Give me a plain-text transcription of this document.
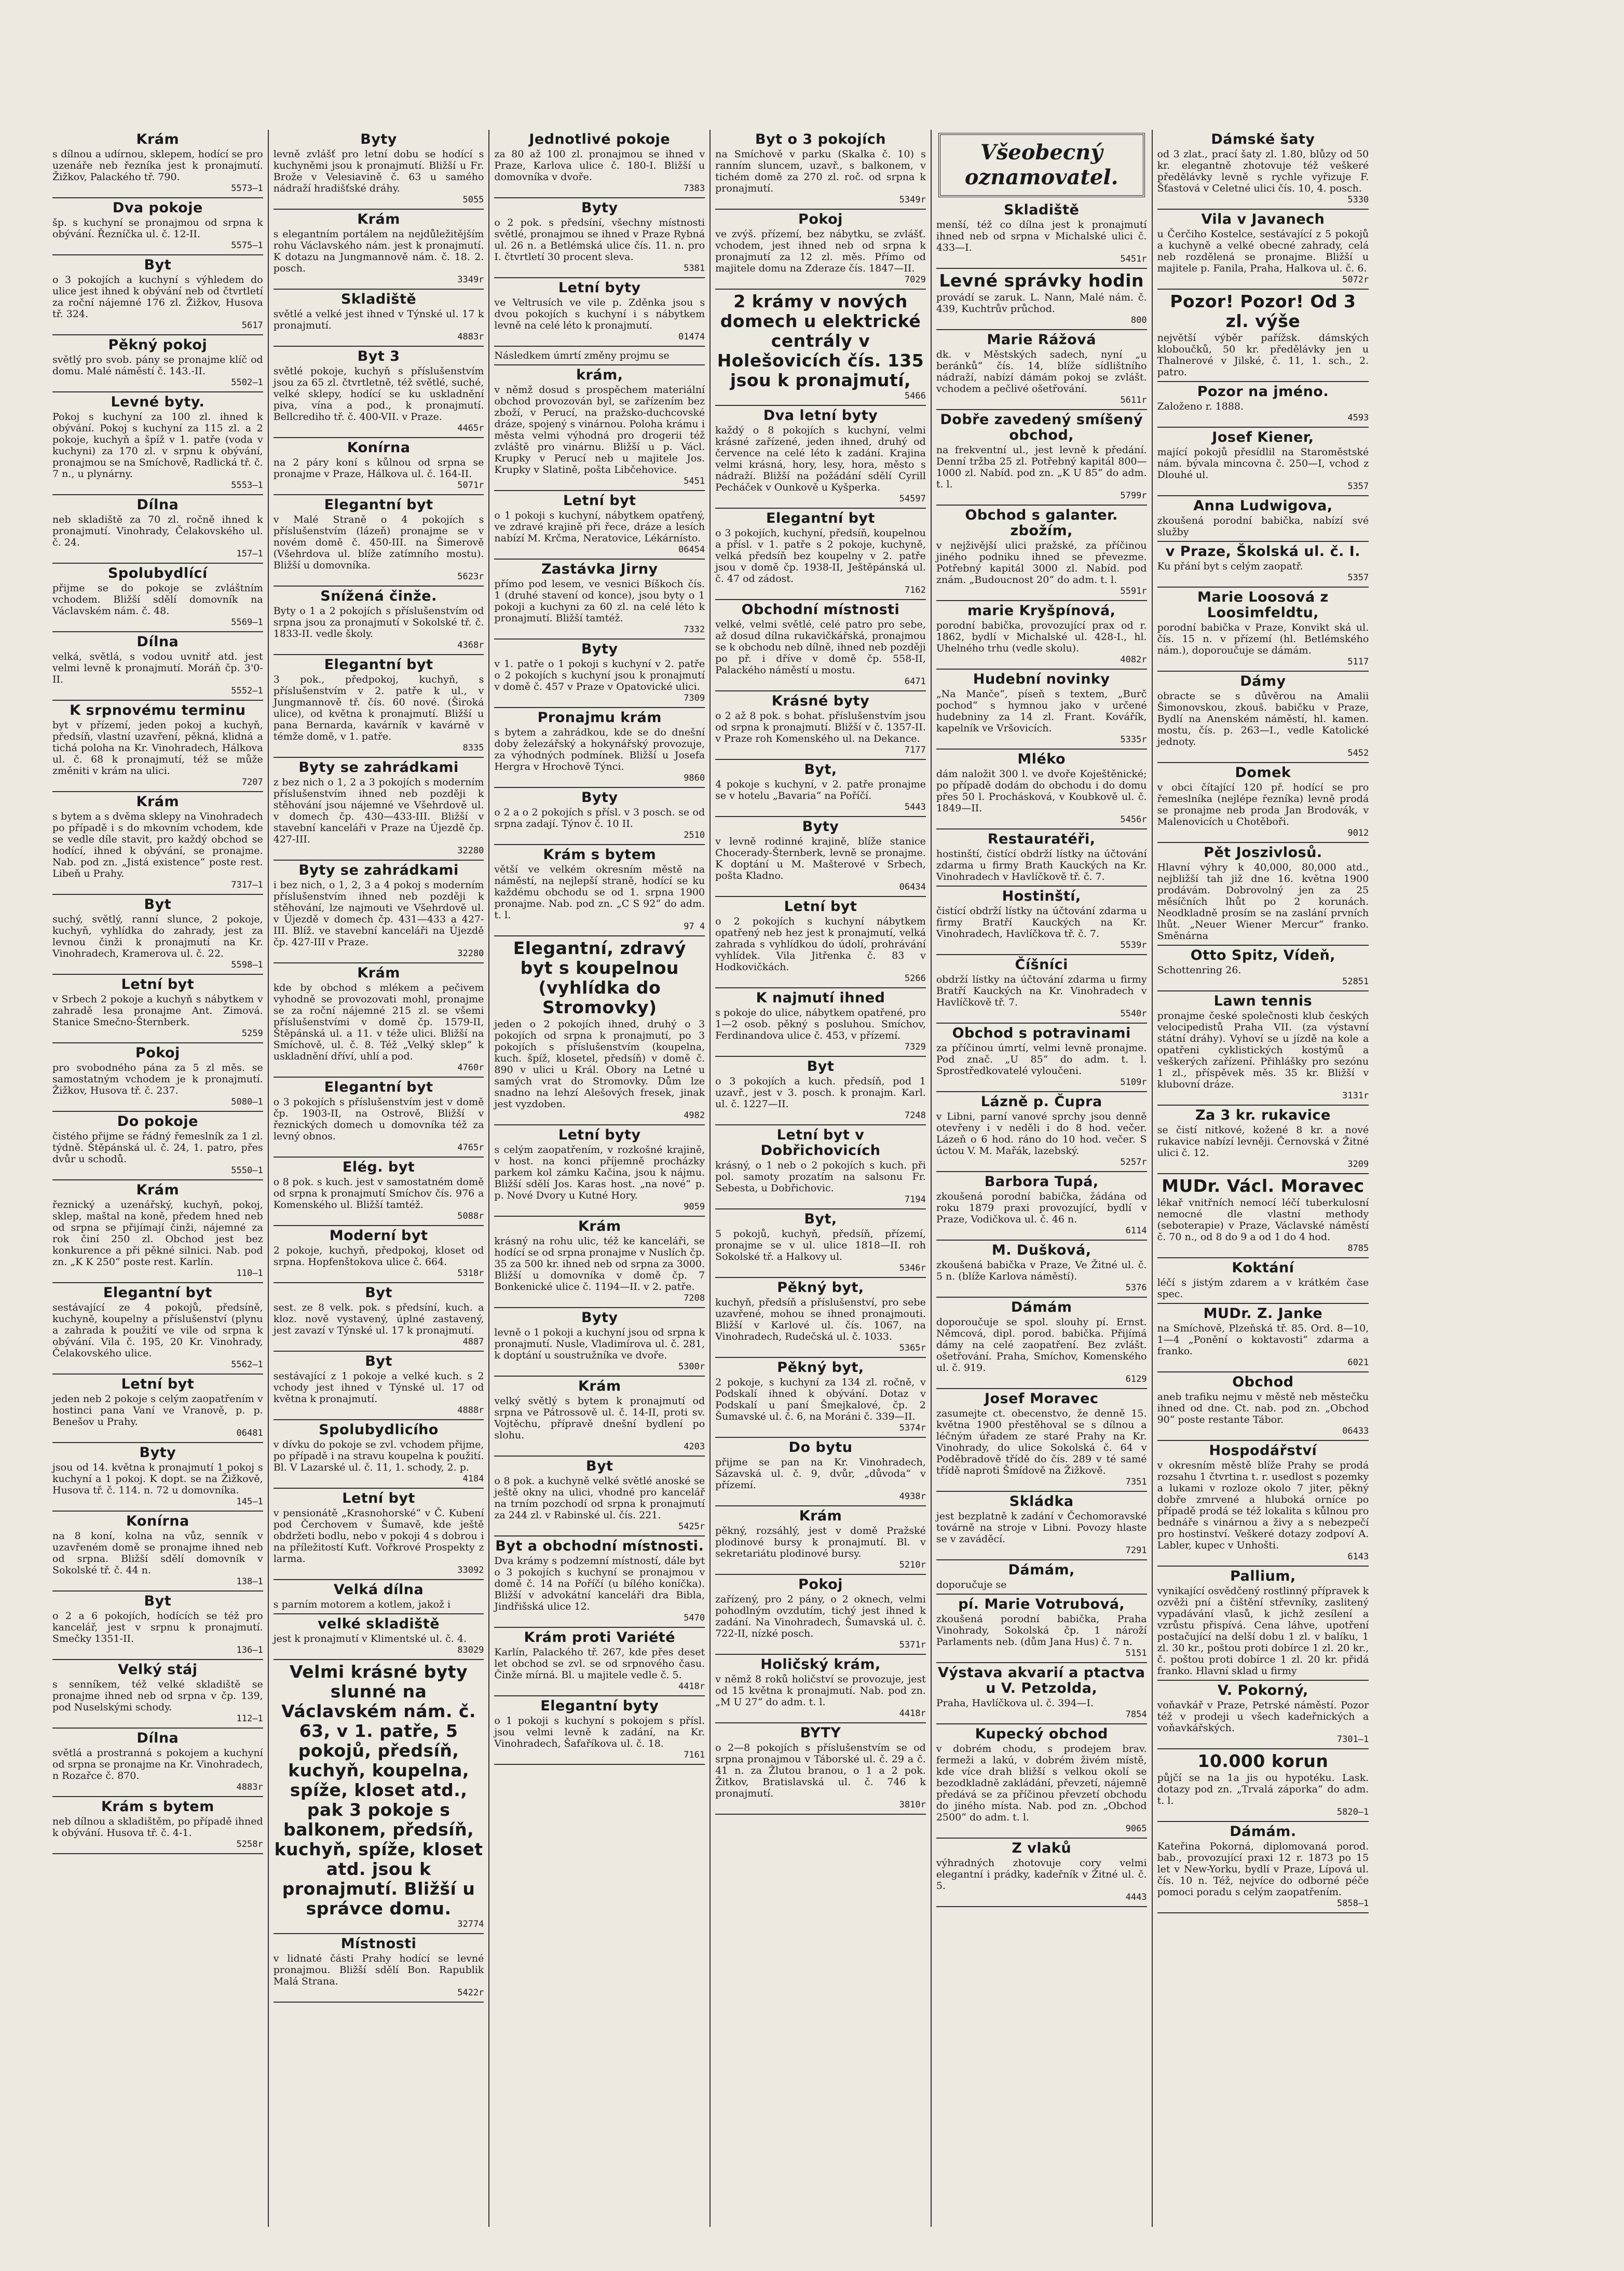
Krám

s dílnou a udírnou, sklepem, hodící se pro uzenáře neb řezníka jest k pronajmutí. Žižkov, Palackého tř. 790.

5573—1
Dva pokoje

šp. s kuchyní se pronajmou od srpna k obývání. Řezníčka ul. č. 12-II.

5575—1
Byt

o 3 pokojích a kuchyní s výhledem do ulice jest ihned k obývání neb od čtvrtletí za roční nájemné 176 zl. Žižkov, Husova tř. 324.

5617
Pěkný pokoj

světlý pro svob. pány se pronajme klíč od domu. Malé náměstí č. 143.-II.

5502—1
Levné byty.

Pokoj s kuchyní za 100 zl. ihned k obývání. Pokoj s kuchyní za 115 zl. a 2 pokoje, kuchyň a špíž v 1. patře (voda v kuchyni) za 170 zl. v srpnu k obývání, pronajmou se na Smíchově, Radlická tř. č. 7 n., u plynárny.

5553—1
Dílna

neb skladiště za 70 zl. ročně ihned k pronajmutí. Vinohrady, Čelakovského ul. č. 24.

157—1
Spolubydlící

přijme se do pokoje se zvláštním vchodem. Bližší sdělí domovník na Václavském nám. č. 48.

5569—1
Dílna

velká, světlá, s vodou uvnitř atd. jest velmi levně k pronajmutí. Moráň čp. 3'0-II.

5552—1
K srpnovému terminu

byt v přízemí, jeden pokoj a kuchyň, předsíň, vlastní uzavření, pěkná, klidná a tichá poloha na Kr. Vinohradech, Hálkova ul. č. 68 k pronajmutí, též se může změniti v krám na ulici.

7207
Krám

s bytem a s dvěma sklepy na Vinohradech po případě i s do mkovním vchodem, kde se vedle díle stavit, pro každý obchod se hodící, ihned k obývání, se pronajme. Nab. pod zn. „Jistá existence“ poste rest. Libeň u Prahy.

7317—1
Byt

suchý, světlý, ranní slunce, 2 pokoje, kuchyň, vyhlídka do zahrady, jest za levnou činži k pronajmutí na Kr. Vinohradech, Kramerova ul. č. 22.

5598—1
Letní byt

v Srbech 2 pokoje a kuchyň s nábytkem v zahradě lesa pronajme Ant. Zimová. Stanice Smečno-Šternberk.

5259
Pokoj

pro svobodného pána za 5 zl měs. se samostatným vchodem je k pronajmutí. Žižkov, Husova tř. č. 237.

5080—1
Do pokoje

čistého přijme se řádný řemeslník za 1 zl. týdně. Štěpánská ul. č. 24, 1. patro, přes dvůr u schodů.

5550—1
Krám

řeznický a uzenářský, kuchyň, pokoj, sklep, maštal na koně, předem hned neb od srpna se přijímají činži, nájemné za rok činí 250 zl. Obchod jest bez konkurence a při pěkné silnici. Nab. pod zn. „K K 250“ poste rest. Karlín.

110—1
Elegantní byt

sestávající ze 4 pokojů, předsíně, kuchyně, koupelny a příslušenství (plynu a zahrada k použití ve vile od srpna k obývání. Vila č. 195, 20 Kr. Vinohrady, Čelakovského ulice.

5562—1
Letní byt

jeden neb 2 pokoje s celým zaopatřením v hostinci pana Vaní ve Vranově, p. p. Benešov u Prahy.

06481
Byty

jsou od 14. května k pronajmutí 1 pokoj s kuchyní a 1 pokoj. K dopt. se na Žižkově, Husova tř. č. 114. n. 72 u domovníka.

145—1
Konírna

na 8 koní, kolna na vůz, senník v uzavřeném domě se pronajme ihned neb od srpna. Bližší sdělí domovník v Sokolské tř. č. 44 n.

138—1
Byt

o 2 a 6 pokojích, hodících se též pro kancelář, jest v srpnu k pronajmutí. Smečky 1351-II.

136—1
Velký stáj

s senníkem, též velké skladiště se pronajme ihned neb od srpna v čp. 139, pod Nuselskými schody.

112—1
Dílna

světlá a prostranná s pokojem a kuchyní od srpna se pronajme na Kr. Vinohradech, n Rozařce č. 870.

4883r
Krám s bytem

neb dílnou a skladištěm, po případě ihned k obývání. Husova tř. č. 4-1.

5258r
Byty

levně zvlášť pro letní dobu se hodící s kuchyněmi jsou k pronajmutí. Bližší u Fr. Brože v Velesiavině č. 63 u samého nádraží hradišťské dráhy.

5055
Krám

s elegantním portálem na nejdůležitějším rohu Václavského nám. jest k pronajmutí. K dotazu na Jungmannově nám. č. 18. 2. posch.

3349r
Skladiště

světlé a velké jest ihned v Týnské ul. 17 k pronajmutí.

4883r
Byt 3

světlé pokoje, kuchyň s příslušenstvím jsou za 65 zl. čtvrtletně, též světlé, suché, velké sklepy, hodící se ku uskladnění piva, vína a pod., k pronajmutí. Bellcrediho tř. č. 400-VII. v Praze.

4465r
Konírna

na 2 páry koní s kůlnou od srpna se pronajme v Praze, Hálkova ul. č. 164-II.

5071r
Elegantní byt

v Malé Straně o 4 pokojích s příslušenstvím (lázeň) pronajme se v novém domě č. 450-III. na Šimerově (Všehrdova ul. blíže zatímního mostu). Bližší u domovníka.

5623r
Snížená činže.

Byty o 1 a 2 pokojích s příslušenstvím od srpna jsou za pronajmutí v Sokolské tř. č. 1833-II. vedle školy.

4368r
Elegantní byt

3 pok., předpokoj, kuchyň, s příslušenstvím v 2. patře k ul., v Jungmannově tř. čís. 60 nové. (Široká ulice), od května k pronajmutí. Bližší u pana Bernarda, kavárník v kavárně v témže domě, v 1. patře.

8335
Byty se zahrádkami

z bez nich o 1, 2 a 3 pokojích s moderním příslušenstvím ihned neb později k stěhování jsou nájemné ve Všehrdově ul. v domech čp. 430—433-III. Bližší v stavební kanceláři v Praze na Újezdě čp. 427-III.

32280
Byty se zahrádkami

i bez nich, o 1, 2, 3 a 4 pokoj s moderním příslušenstvím ihned neb později k stěhování, lze najmouti ve Všehrdově ul. v Újezdě v domech čp. 431—433 a 427-III. Blíž. ve stavební kanceláři na Újezdě čp. 427-III v Praze.

32280
Krám

kde by obchod s mlékem a pečivem vyhodně se provozovati mohl, pronajme se za roční nájemné 215 zl. se všemi příslušenstvími v domě čp. 1579-II, Štěpánská ul. a 11. v téže ulici. Bližší na Smíchově, ul. č. 8. Též „Velký sklep“ k uskladnění dříví, uhlí a pod.

4760r
Elegantní byt

o 3 pokojích s příslušenstvím jest v domě čp. 1903-II, na Ostrově, Bližší v řeznických domech u domovníka též za levný obnos.

4765r
Elég. byt

o 8 pok. s kuch. jest v samostatném domě od srpna k pronajmutí Smíchov čís. 976 a Komenského ul. Bližší tamtéž.

5088r
Moderní byt

2 pokoje, kuchyň, předpokoj, kloset od srpna. Hopfenštokova ulice č. 664.

5318r
Byt

sest. ze 8 velk. pok. s předsíní, kuch. a kloz. nově vystavený, úplné zastavený, jest zavazí v Týnské ul. 17 k pronajmutí.

4887
Byt

sestávající z 1 pokoje a velké kuch. s 2 vchody jest ihned v Týnské ul. 17 od května k pronajmutí.

4888r
Spolubydlicího

v dívku do pokoje se zvl. vchodem přijme, po případě i na stravu koupelna k použití. Bl. V Lazarské ul. č. 11, 1. schody, 2. p.

4184
Letní byt

v pensionátě „Krasnohorské“ v Č. Kubení pod Čerchovem v Šumavě, kde ještě obdržeti bodlu, nebo v pokoji 4 s dobrou i na příležitostí Kuťt. Vořkrové Prospekty z larma.

33092
Velká dílna

s parním motorem a kotlem, jakož i

velké skladiště

jest k pronajmutí v Klimentské ul. č. 4.

83029
Velmi krásné byty slunné na Václavském nám. č. 63, v 1. patře, 5 pokojů, předsíň, kuchyň, koupelna, spíže, kloset atd., pak 3 pokoje s balkonem, předsíň, kuchyň, spíže, kloset atd. jsou k pronajmutí. Bližší u správce domu.
32774
Místnosti

v lidnaté části Prahy hodící se levné pronajmou. Bližší sdělí Bon. Rapublik Malá Strana.

5422r
Jednotlivé pokoje

za 80 až 100 zl. pronajmou se ihned v Praze, Karlova ulice č. 180-I. Bližší u domovníka v dvoře.

7383
Byty

o 2 pok. s předsíní, všechny místnosti světlé, pronajmou se ihned v Praze Rybná ul. 26 n. a Betlémská ulice čís. 11. n. pro I. čtvrtletí 30 procent sleva.

5381
Letní byty

ve Veltrusích ve vile p. Zděnka jsou s dvou pokojích s kuchyní i s nábytkem levně na celé léto k pronajmutí.

01474

Následkem úmrtí změny projmu se

krám,

v němž dosud s prospěchem materiální obchod provozován byl, se zařízením bez zboží, v Perucí, na pražsko-duchcovské dráze, spojený s vinárnou. Poloha krámu i města velmi výhodná pro drogerii též zvláště pro vinárnu. Bližší u p. Václ. Krupky v Perucí neb u majitele Jos. Krupky v Slatině, pošta Libčehovice.

5451
Letní byt

o 1 pokoji s kuchyní, nábytkem opatřený, ve zdravé krajině při řece, dráze a lesích nabízí M. Krčma, Neratovice, Lékárnísto.

06454
Zastávka Jirny

přímo pod lesem, ve vesnici Bíškoch čís. 1 (druhé stavení od konce), jsou byty o 1 pokoji a kuchyni za 60 zl. na celé léto k pronajmutí. Bližší tamtéž.

7332
Byty

v 1. patře o 1 pokoji s kuchyní v 2. patře o 2 pokojích s kuchyní jsou k pronajmutí v domě č. 457 v Praze v Opatovické ulici.

7309
Pronajmu krám

s bytem a zahrádkou, kde se do dnešní doby železářský a hokynářský provozuje, za výhodných podmínek. Bližší u Josefa Hergra v Hrochově Týnci.

9860
Byty

o 2 a o 2 pokojích s přísl. v 3 posch. se od srpna zadají. Týnov č. 10 II.

2510
Krám s bytem

větší ve velkém okresním městě na náměstí, na nejlepší straně, hodící se ku každému obchodu se od 1. srpna 1900 pronajme. Nab. pod zn. „C S 92“ do adm. t. l.

97 4
Elegantní, zdravý byt s koupelnou (vyhlídka do Stromovky)

jeden o 2 pokojích ihned, druhý o 3 pokojích od srpna k pronajmutí, po 3 pokojích s příslušenstvím (koupelna, kuch. špíž, klosetel, předsíň) v domě č. 890 v ulici u Král. Obory na Letné u samých vrat do Stromovky. Dům lze snadno na lehzí Alešových fresek, jinak jest vyzdoben.

4982
Letní byty

s celým zaopatřením, v rozkošné krajině, v host. na konci příjemně procházky parkem kol zámku Kačina, jsou k nájmu. Bližší sdělí Jos. Karas host. „na nové“ p. p. Nové Dvory u Kutné Hory.

9059
Krám

krásný na rohu ulic, též ke kanceláři, se hodící se od srpna pronajme v Nuslích čp. 35 za 500 kr. ihned neb od srpna za 3000. Bližší u domovníka v domě čp. 7 Bonkenické ulice č. 1194—II. v 2. patře.

7208
Byty

levně o 1 pokoji a kuchyní jsou od srpna k pronajmutí. Nusle, Vladimírova ul. č. 281, k doptání u soustružníka ve dvoře.

5300r
Krám

velký světlý s bytem k pronajmutí od srpna ve Pátrossově ul. č. 14-II, proti sv. Vojtěchu, přípravě dnešní bydlení po slohu.

4203
Byt

o 8 pok. a kuchyně velké světlé anoské se ještě okny na ulici, vhodné pro kancelář na trním pozchodí od srpna k pronajmutí za 244 zl. v Rabinské ul. čís. 221.

5425r
Byt a obchodní místnosti.

Dva krámy s podzemní místností, dále byt o 3 pokojích s kuchyní se pronajmou v domě č. 14 na Poříčí (u bílého koníčka). Bližší v advokátní kanceláři dra Bibla, Jindřišská ulice 12.

5470
Krám proti Variété

Karlín, Palackého tř. 267, kde přes deset let obchod se zvl. se od srpnového času. Činže mírná. Bl. u majitele vedle č. 5.

4418r
Elegantní byty

o 1 pokoji s kuchyní s pokojem s přísl. jsou velmi levně k zadání, na Kr. Vinohradech, Šafaříkova ul. č. 18.

7161
Byt o 3 pokojích

na Smíchově v parku (Skalka č. 10) s ranním sluncem, uzavř., s balkonem, v tichém domě za 270 zl. roč. od srpna k pronajmutí.

5349r
Pokoj

ve zvýš. přízemí, bez nábytku, se zvlášť. vchodem, jest ihned neb od srpna k pronajmutí za 12 zl. měs. Přímo od majitele domu na Zderaze čís. 1847—II.

7029
2 krámy v nových domech u elektrické centrály v Holešovicích čís. 135 jsou k pronajmutí,
5466
Dva letní byty

každý o 8 pokojích s kuchyní, velmi krásné zařízené, jeden ihned, druhý od července na celé léto k zadání. Krajina velmi krásná, hory, lesy, hora, město s nádraží. Bližší na požádání sdělí Cyrill Pecháček v Ounkově u Kyšperka.

54597
Elegantní byt

o 3 pokojích, kuchyní, předsíň, koupelnou a přísl. v 1. patře s 2 pokoje, kuchyně, velká předsíň bez koupelny v 2. patře jsou v domě čp. 1938-II, Ještěpánská ul. č. 47 od zádost.

7162
Obchodní místnosti

velké, velmi světlé, celé patro pro sebe, až dosud dílna rukavičkářská, pronajmou se k obchodu neb dílně, ihned neb později po př. i dříve v domě čp. 558-II, Palackého náměstí u mostu.

6471
Krásné byty

o 2 až 8 pok. s bohat. příslušenstvím jsou od srpna k pronajmutí. Bližší v č. 1357-II. v Praze roh Komenského ul. na Dekance.

7177
Byt,

4 pokoje s kuchyní, v 2. patře pronajme se v hotelu „Bavaria“ na Poříčí.

5443
Byty

v levně rodinné krajině, blíže stanice Chocerady-Šternberk, levně se pronajme. K doptání u M. Mašterové v Srbech, pošta Kladno.

06434
Letní byt

o 2 pokojích s kuchyní nábytkem opatřený neb hez jest k pronajmutí, velká zahrada s vyhlídkou do údolí, prohrávání vyhlídek. Vila Jitřenka č. 83 v Hodkovičkách.

5266
K najmutí ihned

s pokoje do ulice, nábytkem opatřené, pro 1—2 osob. pěkný s posluhou. Smíchov, Ferdinandova ulice č. 453, v přízemí.

7329
Byt

o 3 pokojích a kuch. předsíň, pod 1 uzavř., jest v 3. posch. k pronajm. Karl. ul. č. 1227—II.

7248
Letní byt v Dobřichovicích

krásný, o 1 neb o 2 pokojích s kuch. při pol. samoty prozatím na salsonu Fr. Sebesta, u Dobřichovic.

7194
Byt,

5 pokojů, kuchyň, předsíň, přízemí, pronajme se v ul. ulice 1818—II. roh Sokolské tř. a Halkovy ul.

5346r
Pěkný byt,

kuchyň, předsíň a příslušenství, pro sebe uzavřené, mohou se ihned pronajmouti. Bližší v Karlové ul. čís. 1067, na Vinohradech, Rudečská ul. č. 1033.

5365r
Pěkný byt,

2 pokoje, s kuchyní za 134 zl. ročně, v Podskalí ihned k obývání. Dotaz v Podskalí u paní Šmejkalové, čp. 2 Šumavské ul. č. 6, na Moráni č. 339—II.

5374r
Do bytu

přijme se pan na Kr. Vinohradech, Sázavská ul. č. 9, dvůr, „důvoda“ v přízemí.

4938r
Krám

pěkný, rozsáhlý, jest v domě Pražské plodinové bursy k pronajmutí. Bl. v sekretariátu plodinové bursy.

5210r
Pokoj

zařízený, pro 2 pány, o 2 oknech, velmi pohodlným ovzdutím, tichý jest ihned k zadání. Na Vinohradech, Šumavská ul. č. 722-II, nízké posch.

5371r
Holičský krám,

v němž 8 roků holičství se provozuje, jest od 15 května k pronajmutí. Nab. pod zn. „M U 27“ do adm. t. l.

4418r
BYTY

o 2—8 pokojích s příslušenstvím se od srpna pronajmou v Táborské ul. č. 29 a č. 41 n. za Žlutou branou, o 1 a 2 pok. Žitkov, Bratislavská ul. č. 746 k pronajmutí.

3810r
Všeobecný oznamovatel.
Skladiště

menší, též co dílna jest k pronajmutí ihned neb od srpna v Michalské ulici č. 433—I.

5451r
Levné správky hodin

provádí se zaruk. L. Nann, Malé nám. č. 439, Kuchtrův průchod.

800
Marie Rážová

dk. v Městských sadech, nyní „u beránků“ čís. 14, blíže sídlištního nádraží, nabízí dámám pokoj se zvlášt. vchodem a pečlivé ošetřování.

5611r
Dobře zavedený smíšený obchod,

na frekventní ul., jest levně k předání. Denní tržba 25 zl. Potřebný kapitál 800—1000 zl. Nabíd. pod zn. „K U 85“ do adm. t. l.

5799r
Obchod s galanter. zbožím,

v nejživější ulici pražské, za příčinou jiného podniku ihned se převezme. Potřebný kapitál 3000 zl. Nabíd. pod znám. „Budoucnost 20“ do adm. t. l.

5591r
marie Kryšpínová,

porodní babička, provozující prax od r. 1862, bydlí v Michalské ul. 428-I., hl. Uhelného trhu (vedle skolu).

4082r
Hudební novinky

„Na Manče“, píseň s textem, „Burč pochod“ s hymnou jako v určené hudebniny za 14 zl. Frant. Kovářík, kapelník ve Vršovicích.

5335r
Mléko

dám naložit 300 l. ve dvoře Koještěnické; po případě dodám do obchodu i do domu přes 50 l. Prochásková, v Koubkově ul. č. 1849—II.

5456r
Restauratéři,

hostinští, čistící obdrží lístky na účtování zdarma u firmy Brath Kauckých na Kr. Vinohradech v Havlíčkově tř. č. 7.

Hostinští,

čistící obdrží lístky na účtování zdarma u firmy Bratří Kauckých na Kr. Vinohradech, Havlíčkova tř. č. 7.

5539r
Číšníci

obdrží lístky na účtování zdarma u firmy Bratří Kauckých na Kr. Vinohradech v Havlíčkově tř. 7.

5540r
Obchod s potravinami

za příčinou úmrtí, velmi levně pronajme. Pod znač. „U 85“ do adm. t. l. Sprostředkovatelé vyloučeni.

5109r
Lázně p. Čupra

v Libni, parní vanové sprchy jsou denně otevřeny i v neděli i do 8 hod. večer. Lázeň o 6 hod. ráno do 10 hod. večer. S úctou V. M. Mařák, lazebský.

5257r
Barbora Tupá,

zkoušená porodní babička, žádána od roku 1879 praxi provozující, bydlí v Praze, Vodičkova ul. č. 46 n.

6114
M. Dušková,

zkoušená babička v Praze, Ve Žitné ul. č. 5 n. (blíže Karlova náměstí).

5376
Dámám

doporoučuje se spol. slouhy pí. Ernst. Němcová, dipl. porod. babička. Přijímá dámy na celé zaopatření. Bez zvlášt. ošetřování. Praha, Smíchov, Komenského ul. č. 919.

6129
Josef Moravec

zasumejte ct. obecenstvo, že denně 15. května 1900 přestěhoval se s dílnou a léčným úřadem ze staré Prahy na Kr. Vinohrady, do ulice Sokolská č. 64 v Poděbradově třídě do čís. 289 v té samé třídě naproti Šmídově na Žižkově.

7351
Skládka

jest bezplatně k zadání v Čechomoravské továrně na stroje v Libni. Povozy hlaste se v zaváděcí.

7291
Dámám,

doporučuje se

pí. Marie Votrubová,

zkoušená porodní babička, Praha Vinohrady, Sokolská čp. 1 nároží Parlaments neb. (dům Jana Hus) č. 7 n.

5151
Výstava akvarií a ptactva u V. Petzolda,

Praha, Havlíčkova ul. č. 394—I.

7854
Kupecký obchod

v dobrém chodu, s prodejem brav. fermeži a lakú, v dobrém živém místě, kde více drah bližší s velkou okolí se bezodkladně zakládání, převzetí, nájemně předává se za příčinou převzetí obchodu do jiného místa. Nab. pod zn. „Obchod 2500“ do adm. t. l.

9065
Z vlaků

výhradných zhotovuje cory velmi elegantní i prádky, kadeřník v Žitné ul. č. 5.

4443
Dámské šaty

od 3 zlat., prací šaty zl. 1.80, blůzy od 50 kr. elegantně zhotovuje též veškeré předělávky levně s rychle vyřizuje F. Šťastová v Celetné ulici čís. 10, 4. posch.

5330
Vila v Javanech

u Čerčiho Kostelce, sestávající z 5 pokojů a kuchyně a velké obecné zahrady, celá neb rozdělená se pronajme. Bližší u majitele p. Fanila, Praha, Halkova ul. č. 6.

5072r
Pozor! Pozor! Od 3 zl. výše

největší výběr pařížsk. dámských kloboučků, 50 kr. předělávky jen u Thalnerové v Jilské, č. 11, 1. sch., 2. patro.

Pozor na jméno.

Založeno r. 1888.

4593
Josef Kiener,

mající pokojů přesídlil na Staroměstské nám. bývala mincovna č. 250—I, vchod z Dlouhé ul.

5357
Anna Ludwigova,

zkoušená porodní babička, nabízí své služby

v Praze, Školská ul. č. I.

Ku přání byt s celým zaopatř.

5357
Marie Loosová z Loosimfeldtu,

porodní babička v Praze, Konvikt ská ul. čís. 15 n. v přízemí (hl. Betlémského nám.), doporoučuje se dámám.

5117
Dámy

obracte se s důvěrou na Amalii Šimonovskou, zkouš. babičku v Praze, Bydlí na Anenském náměstí, hl. kamen. mostu, čís. p. 263—I., vedle Katolické jednoty.

5452
Domek

v obci čítající 120 př. hodící se pro řemeslníka (nejlépe řezníka) levně prodá se pronajme neb proda Jan Brodovák, v Malenovicích u Chotěboři.

9012
Pět Joszivlosů.

Hlavní výhry k 40,000, 80,000 atd., nejbližší tah již dne 16. května 1900 prodávám. Dobrovolný jen za 25 měsíčních lhůt po 2 korunách. Neodkladně prosím se na zaslání prvních lhůt. „Neuer Wiener Mercur“ franko. Směnárna

Otto Spitz, Vídeň,

Schottenring 26.

52851
Lawn tennis

pronajme české společnosti klub českých velocipedistů Praha VII. (za výstavní státní dráhy). Vyhoví se u jízdě na kole a opatřeni cyklistických kostýmů a veškerých zařízení. Přihlášky pro sezónu 1 zl., příspěvek měs. 35 kr. Bližší v klubovní dráze.

3131r
Za 3 kr. rukavice

se čistí nitkové, kožené 8 kr. a nové rukavice nabízí levněji. Černovská v Žitné ulici č. 12.

3209
MUDr. Václ. Moravec

lékař vnitřních nemocí léčí tuberkulosní nemocné dle vlastní methody (seboterapie) v Praze, Václavské náměstí č. 70 n., od 8 do 9 a od 1 do 4 hod.

8785
Koktání

léčí s jistým zdarem a v krátkém čase spec.

MUDr. Z. Janke

na Smíchově, Plzeňská tř. 85. Ord. 8—10, 1—4 „Ponění o koktavosti“ zdarma a franko.

6021
Obchod

aneb trafiku nejmu v městě neb městečku ihned od dne. Ct. nab. pod zn. „Obchod 90“ poste restante Tábor.

06433
Hospodářství

v okresním městě blíže Prahy se prodá rozsahu 1 čtvrtina t. r. usedlost s pozemky a lukami v rozloze okolo 7 jiter, pěkný dobře zmrvené a hluboká orníce po případě prodá se též lokalita s kůlnou pro bednáře s vinárnou a živy a s nebezpečí pro hostinství. Veškeré dotazy zodpoví A. Labler, kupec v Unhošti.

6143
Pallium,

vynikající osvědčený rostlinný přípravek k ozvěži pní a čištění střevníky, zaslitený vypadávání vlasů, k jichž zesílení a vzrůstu přispívá. Cena láhve, upotření postačující na delší dobu 1 zl. v balíku, 1 zl. 30 kr., poštou proti dobírce 1 zl. 20 kr., č. poštou proti dobírce 1 zl. 20 kr. přidá franko. Hlavní sklad u firmy

V. Pokorný,

voňavkář v Praze, Petrské náměstí. Pozor též v prodeji u všech kadeřnických a voňavkářských.

7301—1
10.000 korun

půjčí se na 1a jis ou hypotéku. Lask. dotazy pod zn. „Trvalá záporka“ do adm. t. l.

5820—1
Dámám.

Kateřina Pokorná, diplomovaná porod. bab., provozující praxi 12 r. 1873 po 15 let v New-Yorku, bydlí v Praze, Lípová ul. čís. 10 n. Též, nejvíce do odborné péče pomoci poradu s celým zaopatřením.

5858—1
